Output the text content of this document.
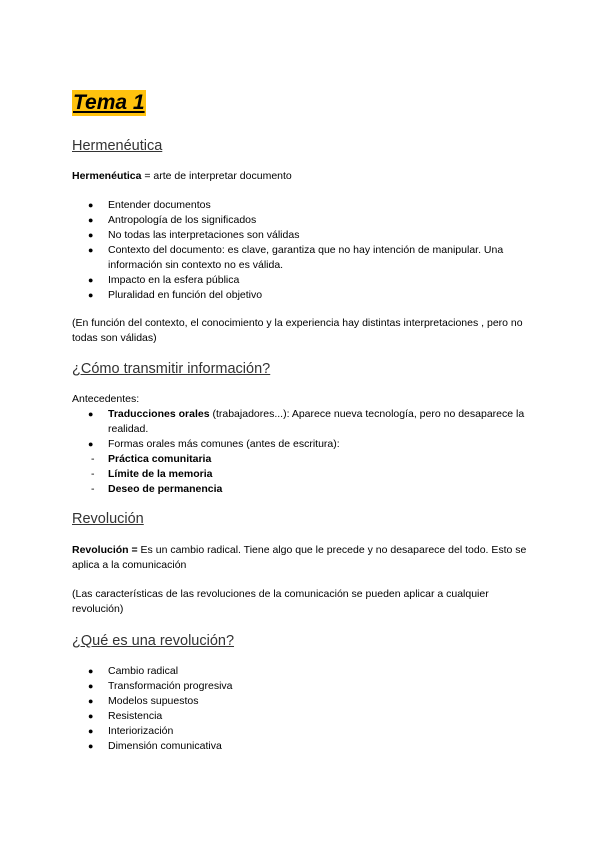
Tema 1
Hermenéutica
Hermenéutica = arte de interpretar documento
●	Entender documentos
●	Antropología de los significados
●	No todas las interpretaciones son válidas
●	Contexto del documento: es clave, garantiza que no hay intención de manipular. Una información sin contexto no es válida.
●	Impacto en la esfera pública
●	Pluralidad en función del objetivo
(En función del contexto, el conocimiento y la experiencia hay distintas interpretaciones , pero no todas son válidas)
¿Cómo transmitir información?
Antecedentes:
●	Traducciones orales (trabajadores...): Aparece nueva tecnología, pero no desaparece la realidad.
●	Formas orales más comunes (antes de escritura):
-	Práctica comunitaria
-	Límite de la memoria
-	Deseo de permanencia
Revolución
Revolución = Es un cambio radical. Tiene algo que le precede y no desaparece del todo. Esto se aplica a la comunicación
(Las características de las revoluciones de la comunicación se pueden aplicar a cualquier revolución)
¿Qué es una revolución?
●	Cambio radical
●	Transformación progresiva
●	Modelos supuestos
●	Resistencia
●	Interiorización
●	Dimensión comunicativa
